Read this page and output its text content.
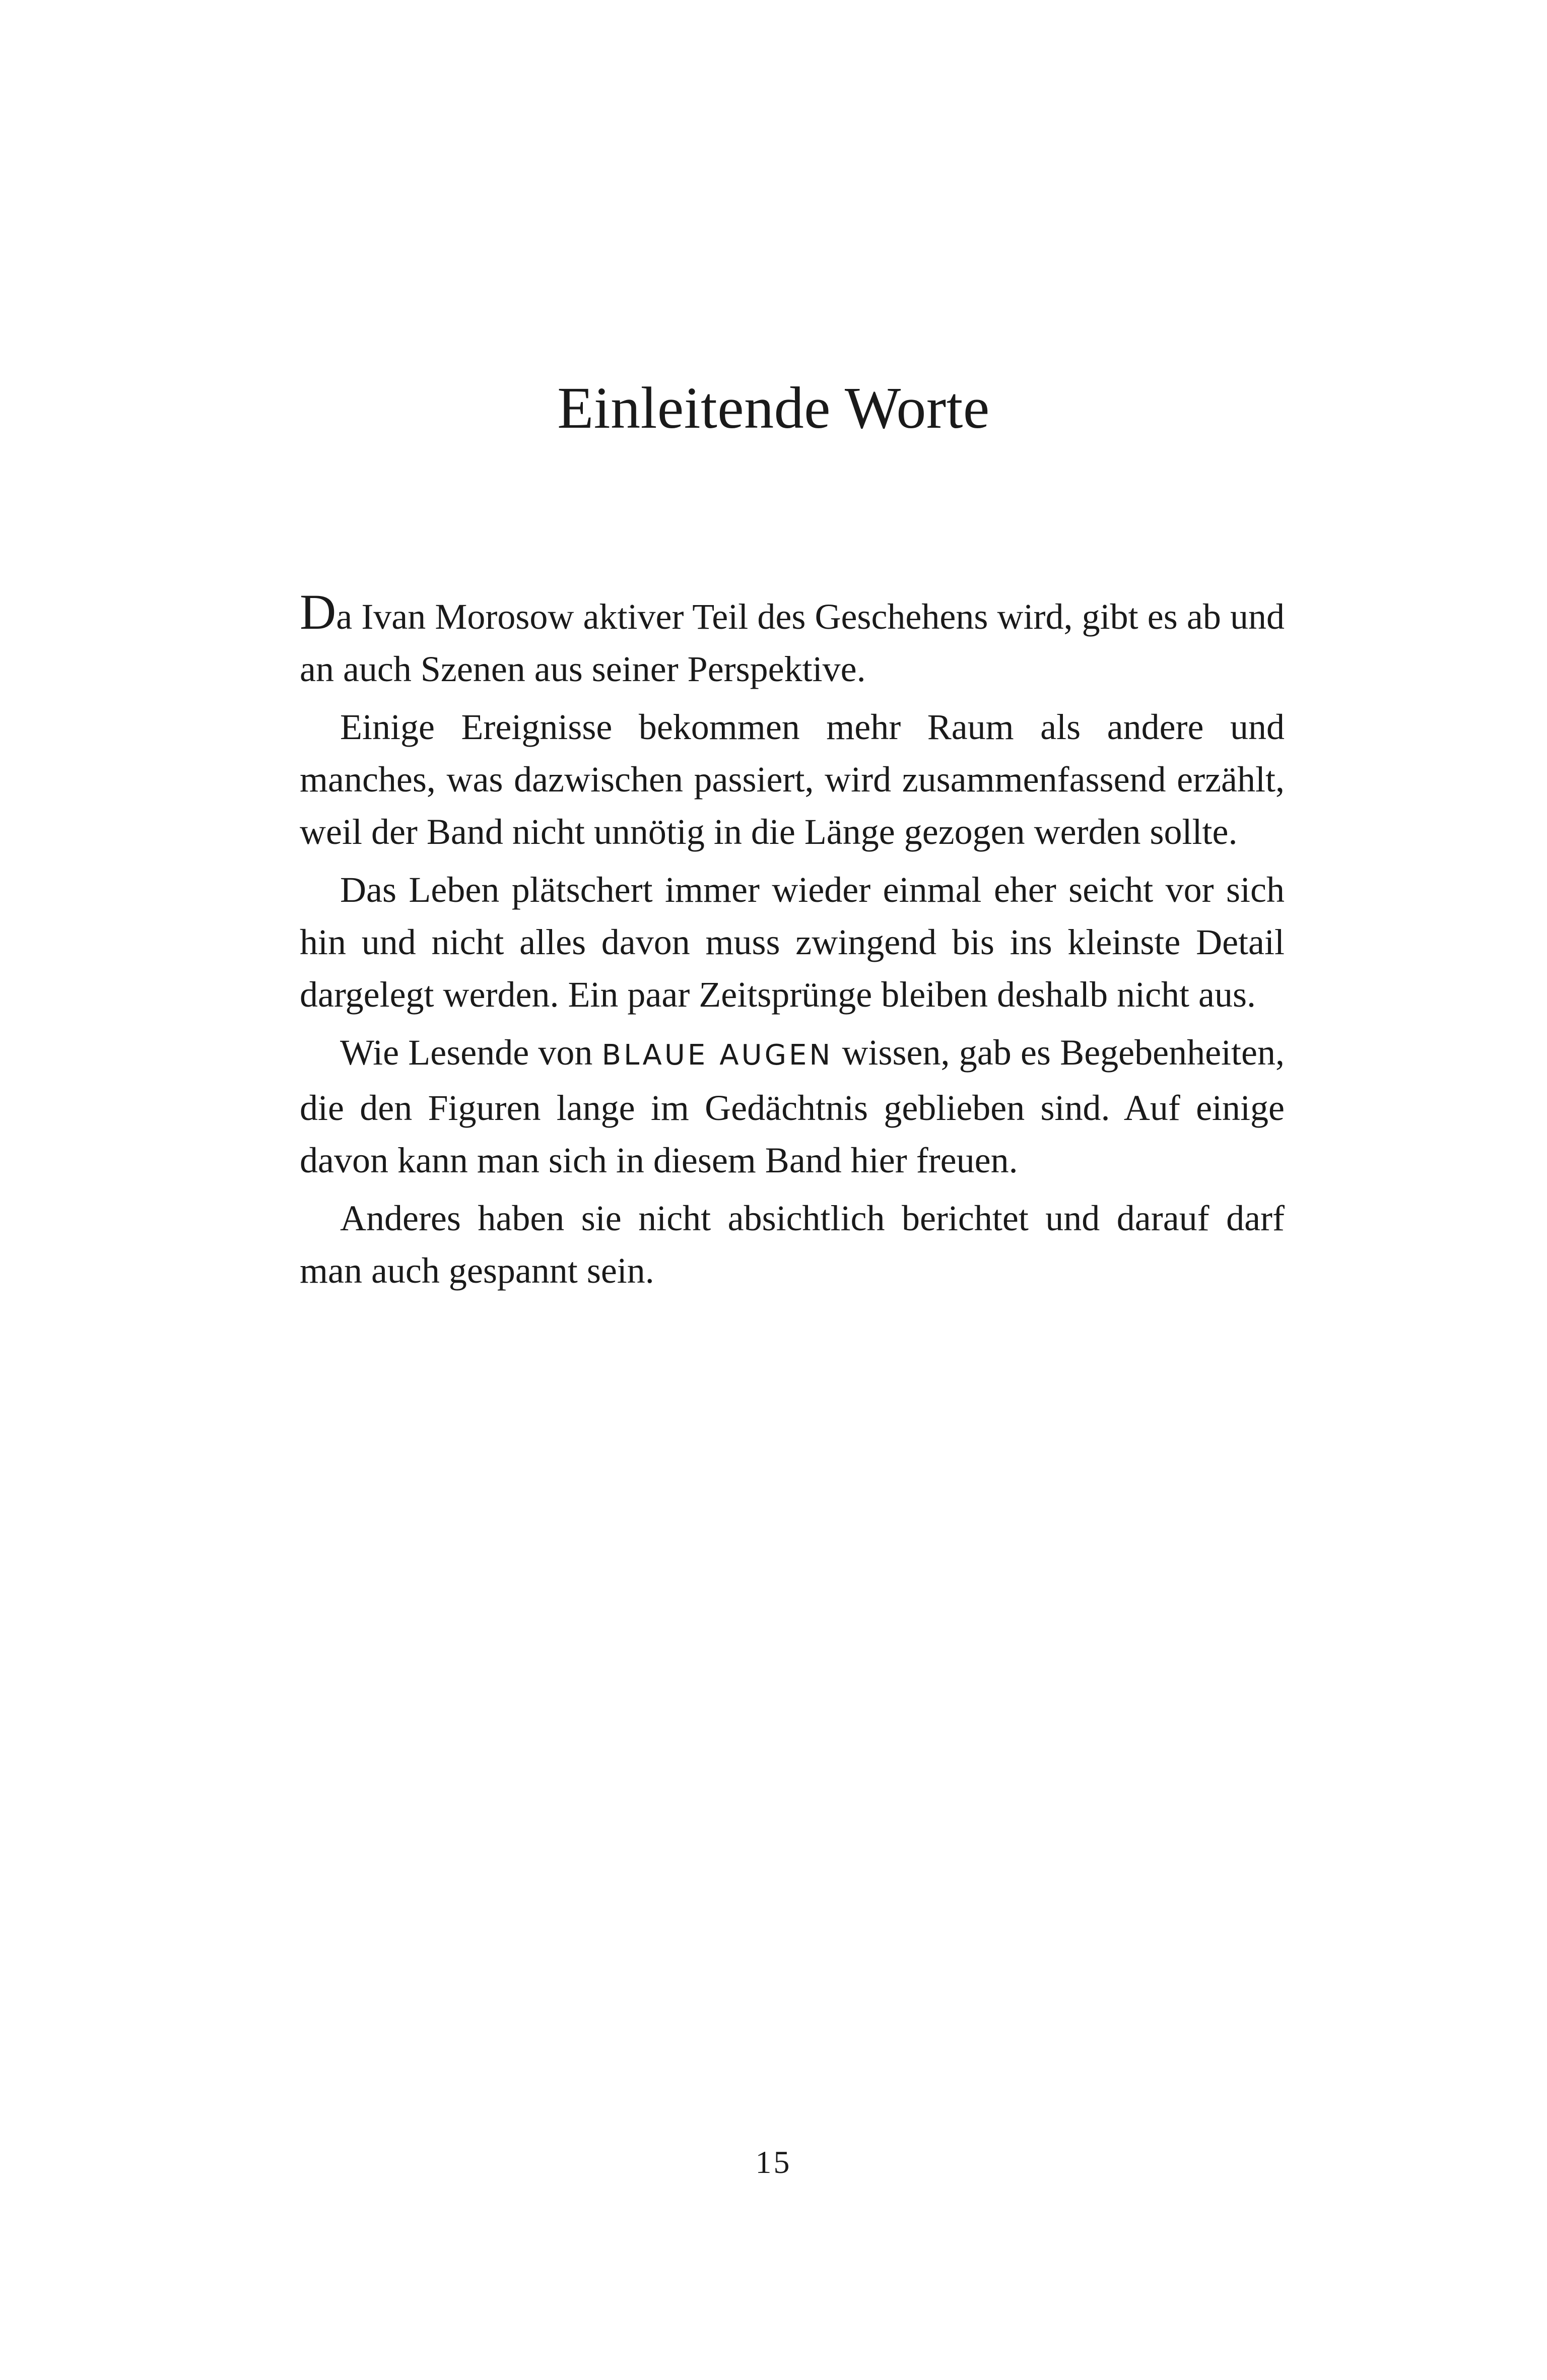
Einleitende Worte

Da Ivan Morosow aktiver Teil des Geschehens wird, gibt es ab und an auch Szenen aus seiner Perspektive.

Einige Ereignisse bekommen mehr Raum als andere und manches, was dazwischen passiert, wird zusammenfassend erzählt, weil der Band nicht unnötig in die Länge gezogen werden sollte.

Das Leben plätschert immer wieder einmal eher seicht vor sich hin und nicht alles davon muss zwingend bis ins kleinste Detail dargelegt werden. Ein paar Zeitsprünge bleiben deshalb nicht aus.

Wie Lesende von BLAUE AUGEN wissen, gab es Begebenheiten, die den Figuren lange im Gedächtnis geblieben sind. Auf einige davon kann man sich in diesem Band hier freuen.

Anderes haben sie nicht absichtlich berichtet und darauf darf man auch gespannt sein.

15
